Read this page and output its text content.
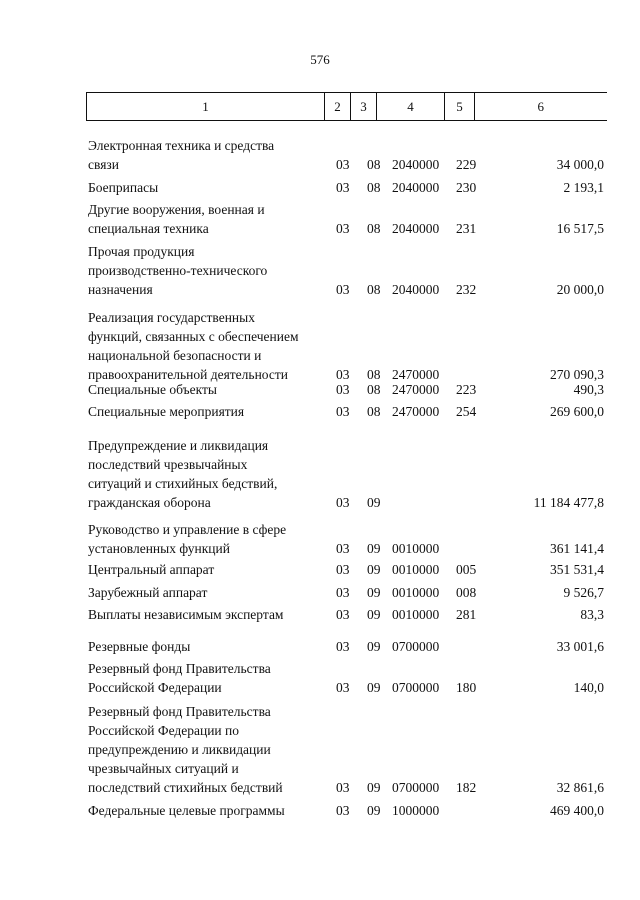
576
1	2	3	4	5	6
Электронная техника и средства
связи	03 08 2040000 229	34 000,0
Боеприпасы	03 08 2040000 230	2 193,1
Другие вооружения, военная и
специальная техника	03 08 2040000 231	16 517,5
Прочая продукция
производственно-технического
назначения	03 08 2040000 232	20 000,0
Реализация государственных
функций, связанных с обеспечением
национальной безопасности и
правоохранительной деятельности	03 08 2470000	270 090,3
Специальные объекты	03 08 2470000 223	490,3
Специальные мероприятия	03 08 2470000 254	269 600,0
Предупреждение и ликвидация
последствий чрезвычайных
ситуаций и стихийных бедствий,
гражданская оборона	03 09	11 184 477,8
Руководство и управление в сфере
установленных функций	03 09 0010000	361 141,4
Центральный аппарат	03 09 0010000 005	351 531,4
Зарубежный аппарат	03 09 0010000 008	9 526,7
Выплаты независимым экспертам	03 09 0010000 281	83,3
Резервные фонды	03 09 0700000	33 001,6
Резервный фонд Правительства
Российской Федерации	03 09 0700000 180	140,0
Резервный фонд Правительства
Российской Федерации по
предупреждению и ликвидации
чрезвычайных ситуаций и
последствий стихийных бедствий	03 09 0700000 182	32 861,6
Федеральные целевые программы	03 09 1000000	469 400,0
